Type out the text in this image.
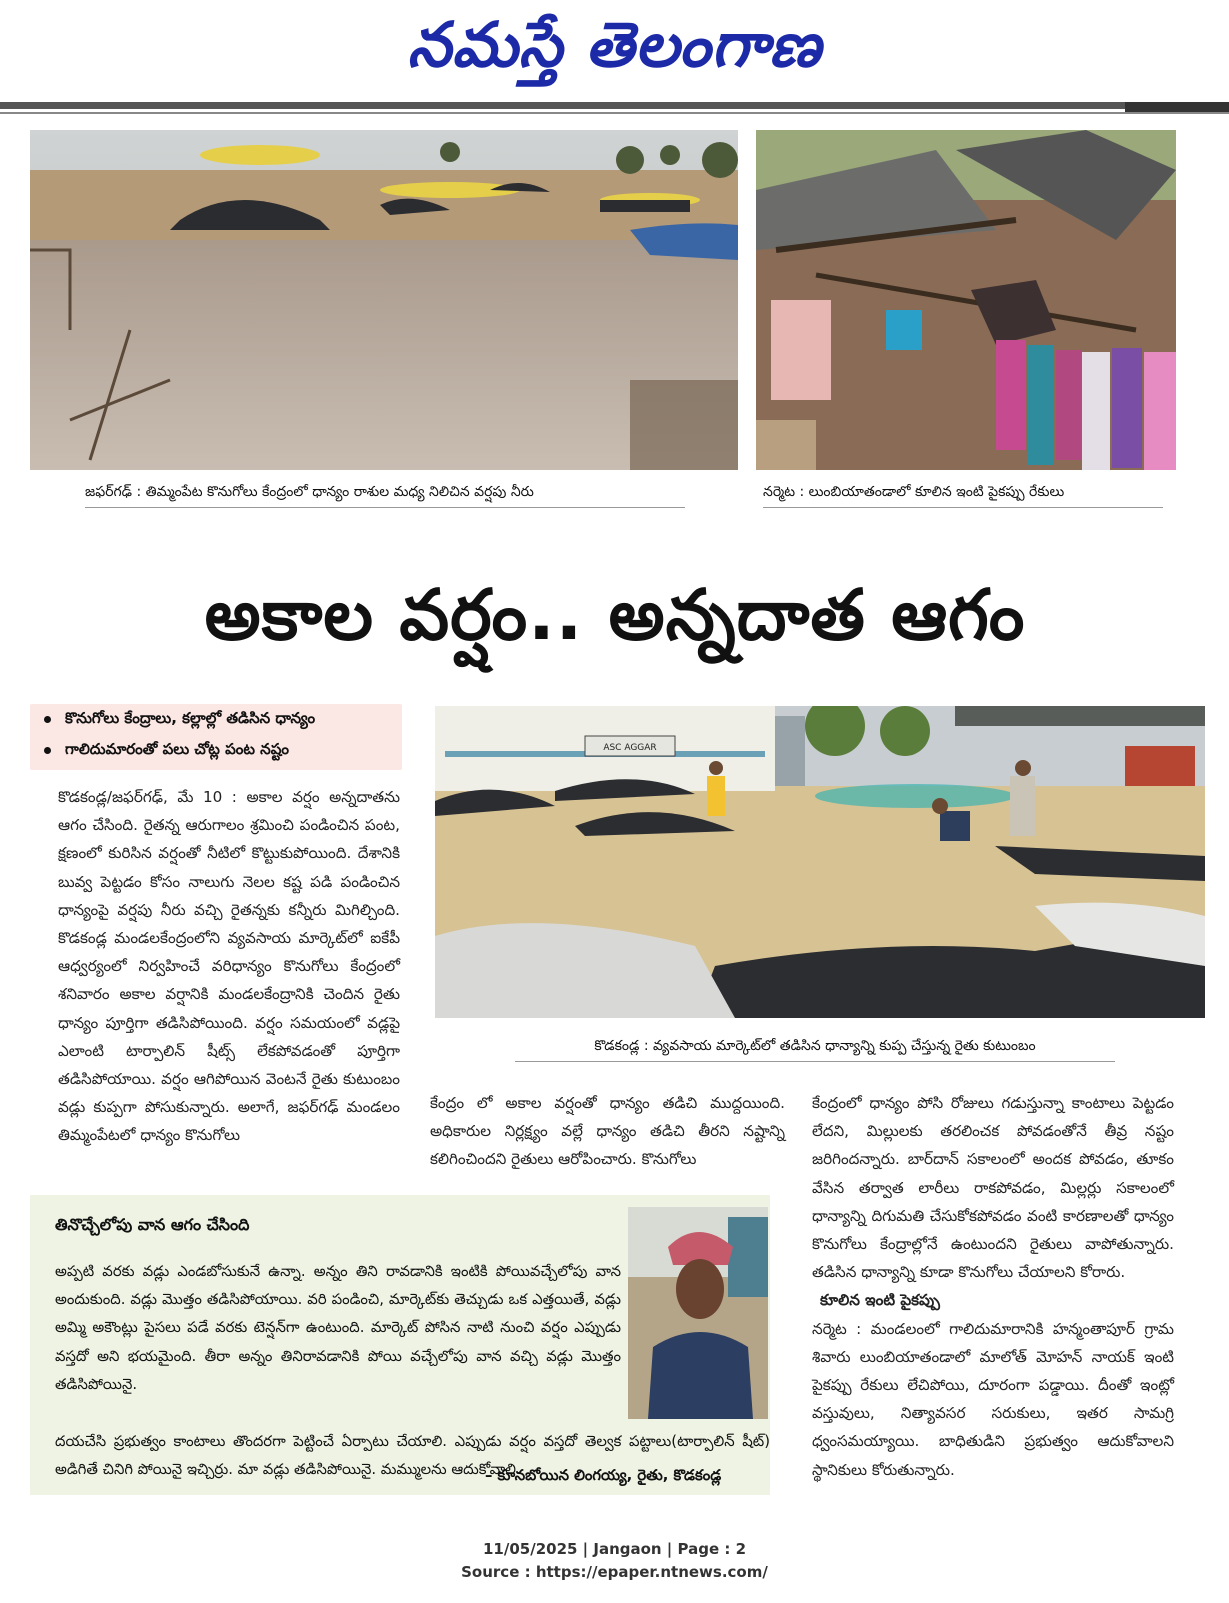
నమస్తే తెలంగాణ
జఫర్‌గఢ్‌ : తిమ్మంపేట కొనుగోలు కేంద్రంలో ధాన్యం రాశుల మధ్య నిలిచిన వర్షపు నీరు	నర్మెట : లుంబియాతండాలో కూలిన ఇంటి పైకప్పు రేకులు
అకాల వర్షం.. అన్నదాత ఆగం
కొనుగోలు కేంద్రాలు, కల్లాల్లో తడిసిన ధాన్యం
గాలిదుమారంతో పలు చోట్ల పంట నష్టం	ASC AGGAR
కొడకండ్ల : వ్యవసాయ మార్కెట్‌లో తడిసిన ధాన్యాన్ని కుప్ప చేస్తున్న రైతు కుటుంబం
కొడకండ్ల/జఫర్‌గఢ్‌, మే 10 : అకాల వర్షం అన్నదాతను ఆగం చేసింది. రైతన్న ఆరుగాలం శ్రమించి పండించిన పంట, క్షణంలో కురిసిన వర్షంతో నీటిలో కొట్టుకుపోయింది. దేశానికి బువ్వ పెట్టడం కోసం నాలుగు నెలల కష్ట పడి పండించిన ధాన్యంపై వర్షపు నీరు వచ్చి రైతన్నకు కన్నీరు మిగిల్చింది. కొడకండ్ల మండలకేంద్రంలోని వ్యవసాయ మార్కెట్‌లో ఐకేపీ ఆధ్వర్యంలో నిర్వహించే వరిధాన్యం కొనుగోలు కేంద్రంలో శనివారం అకాల వర్షానికి మండలకేంద్రానికి చెందిన రైతు ధాన్యం పూర్తిగా తడిసిపోయింది. వర్షం సమయంలో వడ్లపై ఎలాంటి టార్పాలిన్‌ షీట్స్‌ లేకపోవడంతో పూర్తిగా తడిసిపోయాయి. వర్షం ఆగిపోయిన వెంటనే రైతు కుటుంబం వడ్లు కుప్పగా పోసుకున్నారు. అలాగే, జఫర్‌గఢ్‌ మండలం తిమ్మంపేటలో ధాన్యం కొనుగోలు
కేంద్రం లో అకాల వర్షంతో ధాన్యం తడిచి ముద్దయింది. అధికారుల నిర్లక్ష్యం వల్లే ధాన్యం తడిచి తీరని నష్టాన్ని కలిగించిందని రైతులు ఆరోపించారు. కొనుగోలు

కేంద్రంలో ధాన్యం పోసి రోజులు గడుస్తున్నా కాంటాలు పెట్టడం లేదని, మిల్లులకు తరలించక పోవడంతోనే తీవ్ర నష్టం జరిగిందన్నారు. బార్‌దాన్‌ సకాలంలో అందక పోవడం, తూకం వేసిన తర్వాత లారీలు రాకపోవడం, మిల్లర్లు సకాలంలో ధాన్యాన్ని దిగుమతి చేసుకోకపోవడం వంటి కారణాలతో ధాన్యం కొనుగోలు కేంద్రాల్లోనే ఉంటుందని రైతులు వాపోతున్నారు. తడిసిన ధాన్యాన్ని కూడా కొనుగోలు చేయాలని కోరారు.

కూలిన ఇంటి పైకప్పు

నర్మెట : మండలంలో గాలిదుమారానికి హన్మంతాపూర్‌ గ్రామ శివారు లుంబియాతండాలో మాలోత్‌ మోహన్‌ నాయక్‌ ఇంటి పైకప్పు రేకులు లేచిపోయి, దూరంగా పడ్డాయి. దీంతో ఇంట్లో వస్తువులు, నిత్యావసర సరుకులు, ఇతర సామగ్రి ధ్వంసమయ్యాయి. బాధితుడిని ప్రభుత్వం ఆదుకోవాలని స్థానికులు కోరుతున్నారు.

తినొచ్చేలోపు వాన ఆగం చేసింది
అప్పటి వరకు వడ్లు ఎండబోసుకునే ఉన్నా. అన్నం తిని రావడానికి ఇంటికి పోయివచ్చేలోపు వాన అందుకుంది. వడ్లు మొత్తం తడిసిపోయాయి. వరి పండించి, మార్కెట్‌కు తెచ్చుడు ఒక ఎత్తయితే, వడ్లు అమ్మి అకౌంట్లు పైసలు పడే వరకు టెన్షన్‌గా ఉంటుంది. మార్కెట్‌ పోసిన నాటి నుంచి వర్షం ఎప్పుడు వస్తదో అని భయమైంది. తీరా అన్నం తినిరావడానికి పోయి వచ్చేలోపు వాన వచ్చి వడ్లు మొత్తం తడిసిపోయినై.
దయచేసి ప్రభుత్వం కాంటాలు తొందరగా పెట్టించే ఏర్పాటు చేయాలి. ఎప్పుడు వర్షం వస్తదో తెల్వక పట్టాలు(టార్పాలిన్‌ షీట్‌) అడిగితే చినిగి పోయినై ఇచ్చిర్రు. మా వడ్లు తడిసిపోయినై. మమ్ములను ఆదుకోవాలి.
– కూనబోయిన లింగయ్య, రైతు, కొడకండ్ల
11/05/2025 | Jangaon | Page : 2
Source : https://epaper.ntnews.com/
